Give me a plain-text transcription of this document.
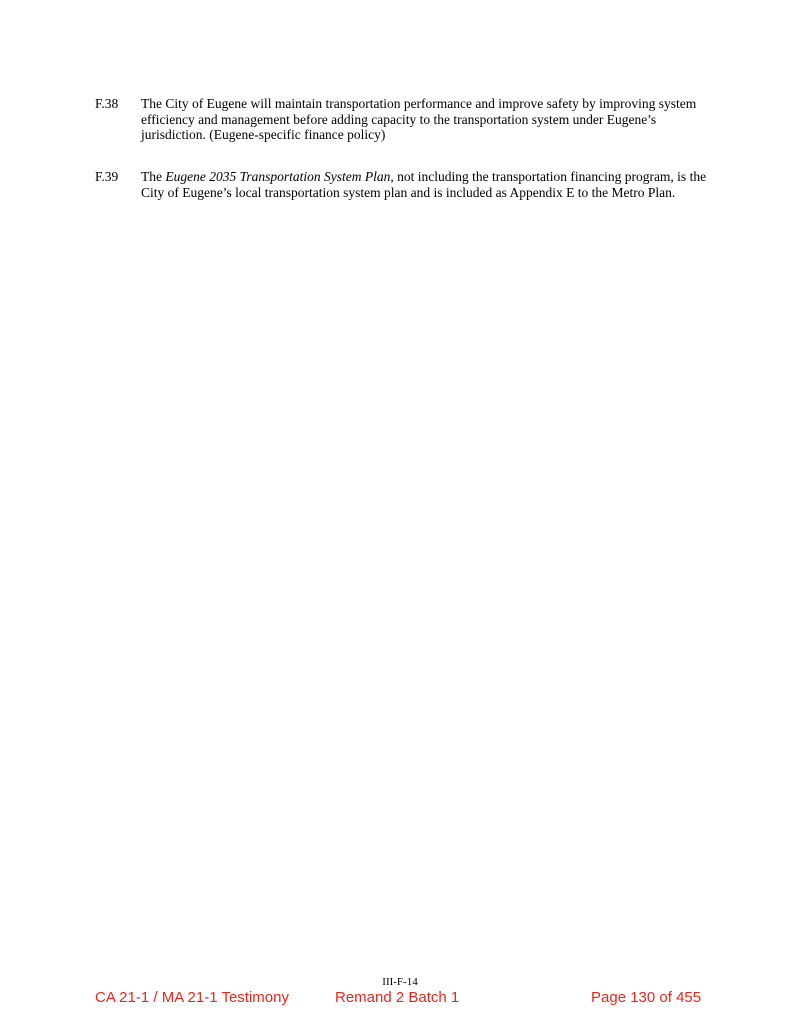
F.38	The City of Eugene will maintain transportation performance and improve safety by improving system efficiency and management before adding capacity to the transportation system under Eugene’s jurisdiction. (Eugene-specific finance policy)
F.39	The Eugene 2035 Transportation System Plan, not including the transportation financing program, is the City of Eugene’s local transportation system plan and is included as Appendix E to the Metro Plan.
III-F-14
CA 21-1 / MA 21-1 Testimony	Remand 2 Batch 1	Page 130 of 455
